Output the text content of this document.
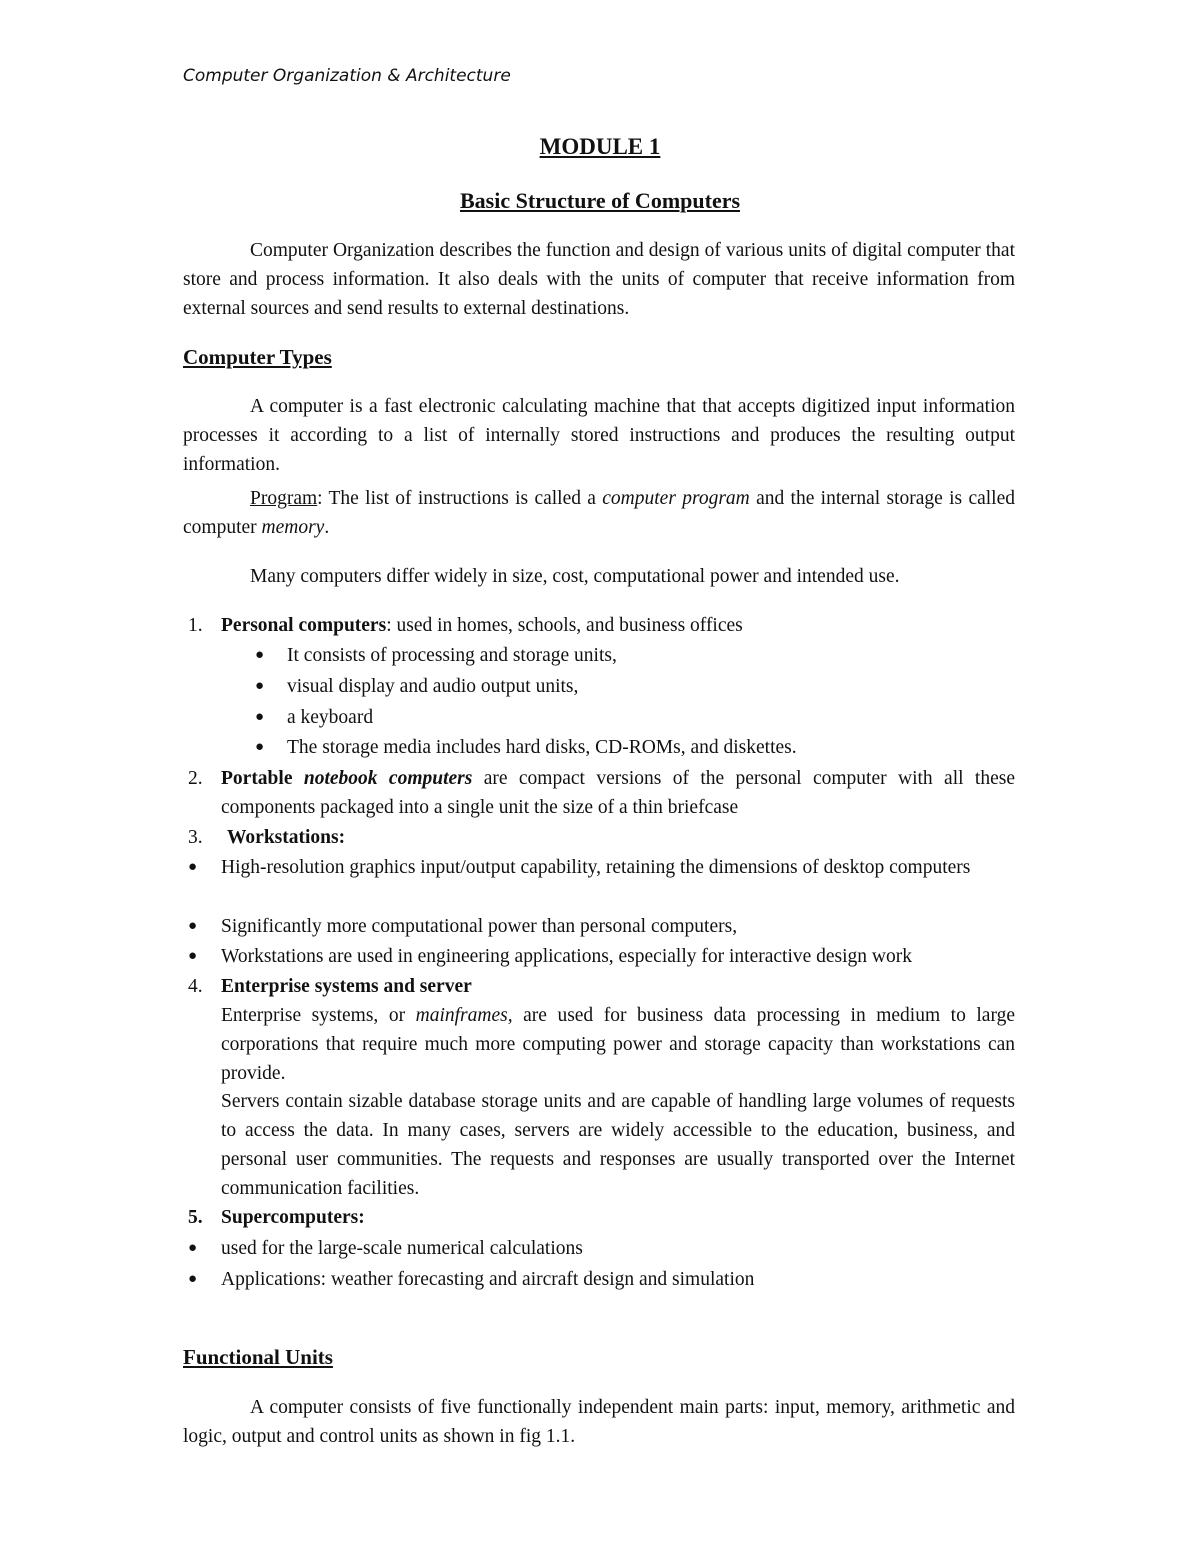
Computer Organization & Architecture
MODULE 1
Basic Structure of Computers

Computer Organization describes the function and design of various units of digital computer that store and process information. It also deals with the units of computer that receive information from external sources and send results to external destinations.

Computer Types

A computer is a fast electronic calculating machine that that accepts digitized input information processes it according to a list of internally stored instructions and produces the resulting output information.

Program: The list of instructions is called a computer program and the internal storage is called computer memory.

Many computers differ widely in size, cost, computational power and intended use.

1. Personal computers: used in homes, schools, and business offices
● It consists of processing and storage units,
● visual display and audio output units,
● a keyboard
● The storage media includes hard disks, CD-ROMs, and diskettes.
2. Portable notebook computers are compact versions of the personal computer with all these components packaged into a single unit the size of a thin briefcase
3. Workstations:
● High-resolution graphics input/output capability, retaining the dimensions of desktop computers
● Significantly more computational power than personal computers,
● Workstations are used in engineering applications, especially for interactive design work
4. Enterprise systems and server
Enterprise systems, or mainframes, are used for business data processing in medium to large corporations that require much more computing power and storage capacity than workstations can provide.
Servers contain sizable database storage units and are capable of handling large volumes of requests to access the data. In many cases, servers are widely accessible to the education, business, and personal user communities. The requests and responses are usually transported over the Internet communication facilities.
5. Supercomputers:
● used for the large-scale numerical calculations
● Applications: weather forecasting and aircraft design and simulation
Functional Units

A computer consists of five functionally independent main parts: input, memory, arithmetic and logic, output and control units as shown in fig 1.1.
